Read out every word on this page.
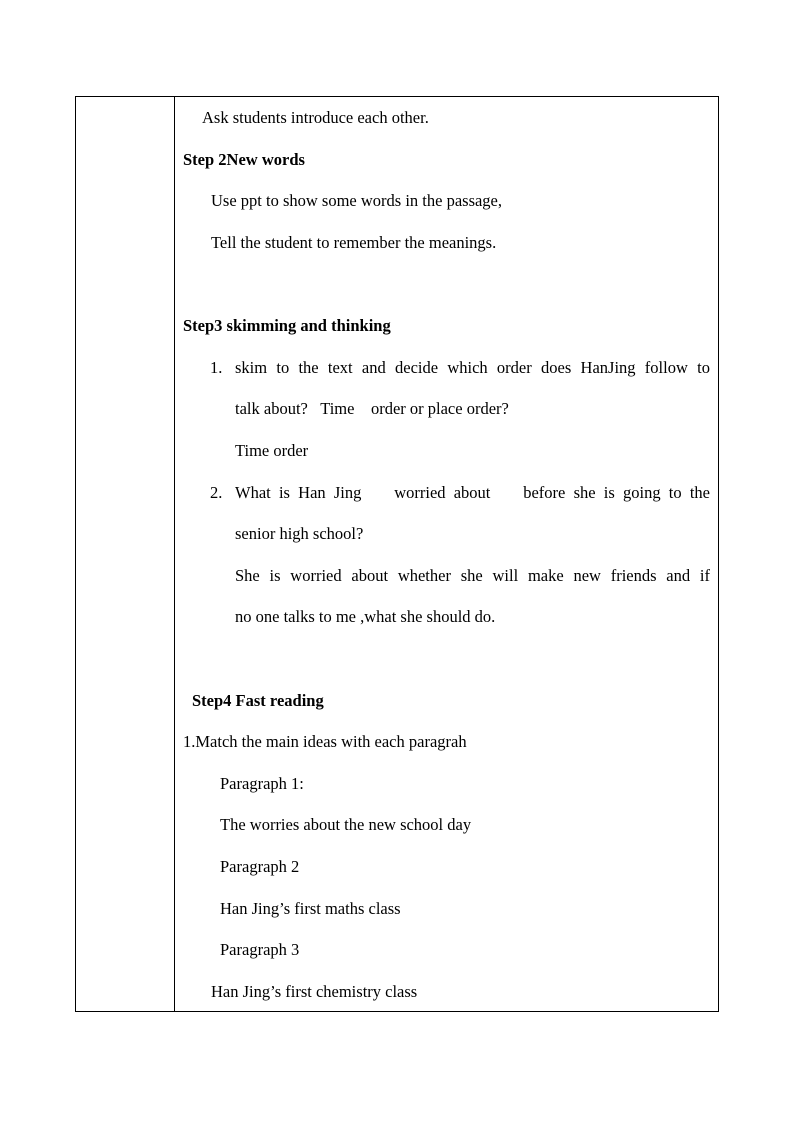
Ask students introduce each other.
Step 2New words
Use ppt to show some words in the passage,
Tell the student to remember the meanings.
Step3 skimming and thinking
1. skim to the text and decide which order does HanJing follow to
talk about?   Time    order or place order?
Time order
2. What is Han Jing    worried about    before she is going to the
senior high school?
She is worried about whether she will make new friends and if
no one talks to me ,what she should do.
Step4 Fast reading
1.Match the main ideas with each paragrah
Paragraph 1:
The worries about the new school day
Paragraph 2
Han Jing’s first maths class
Paragraph 3
Han Jing’s first chemistry class
